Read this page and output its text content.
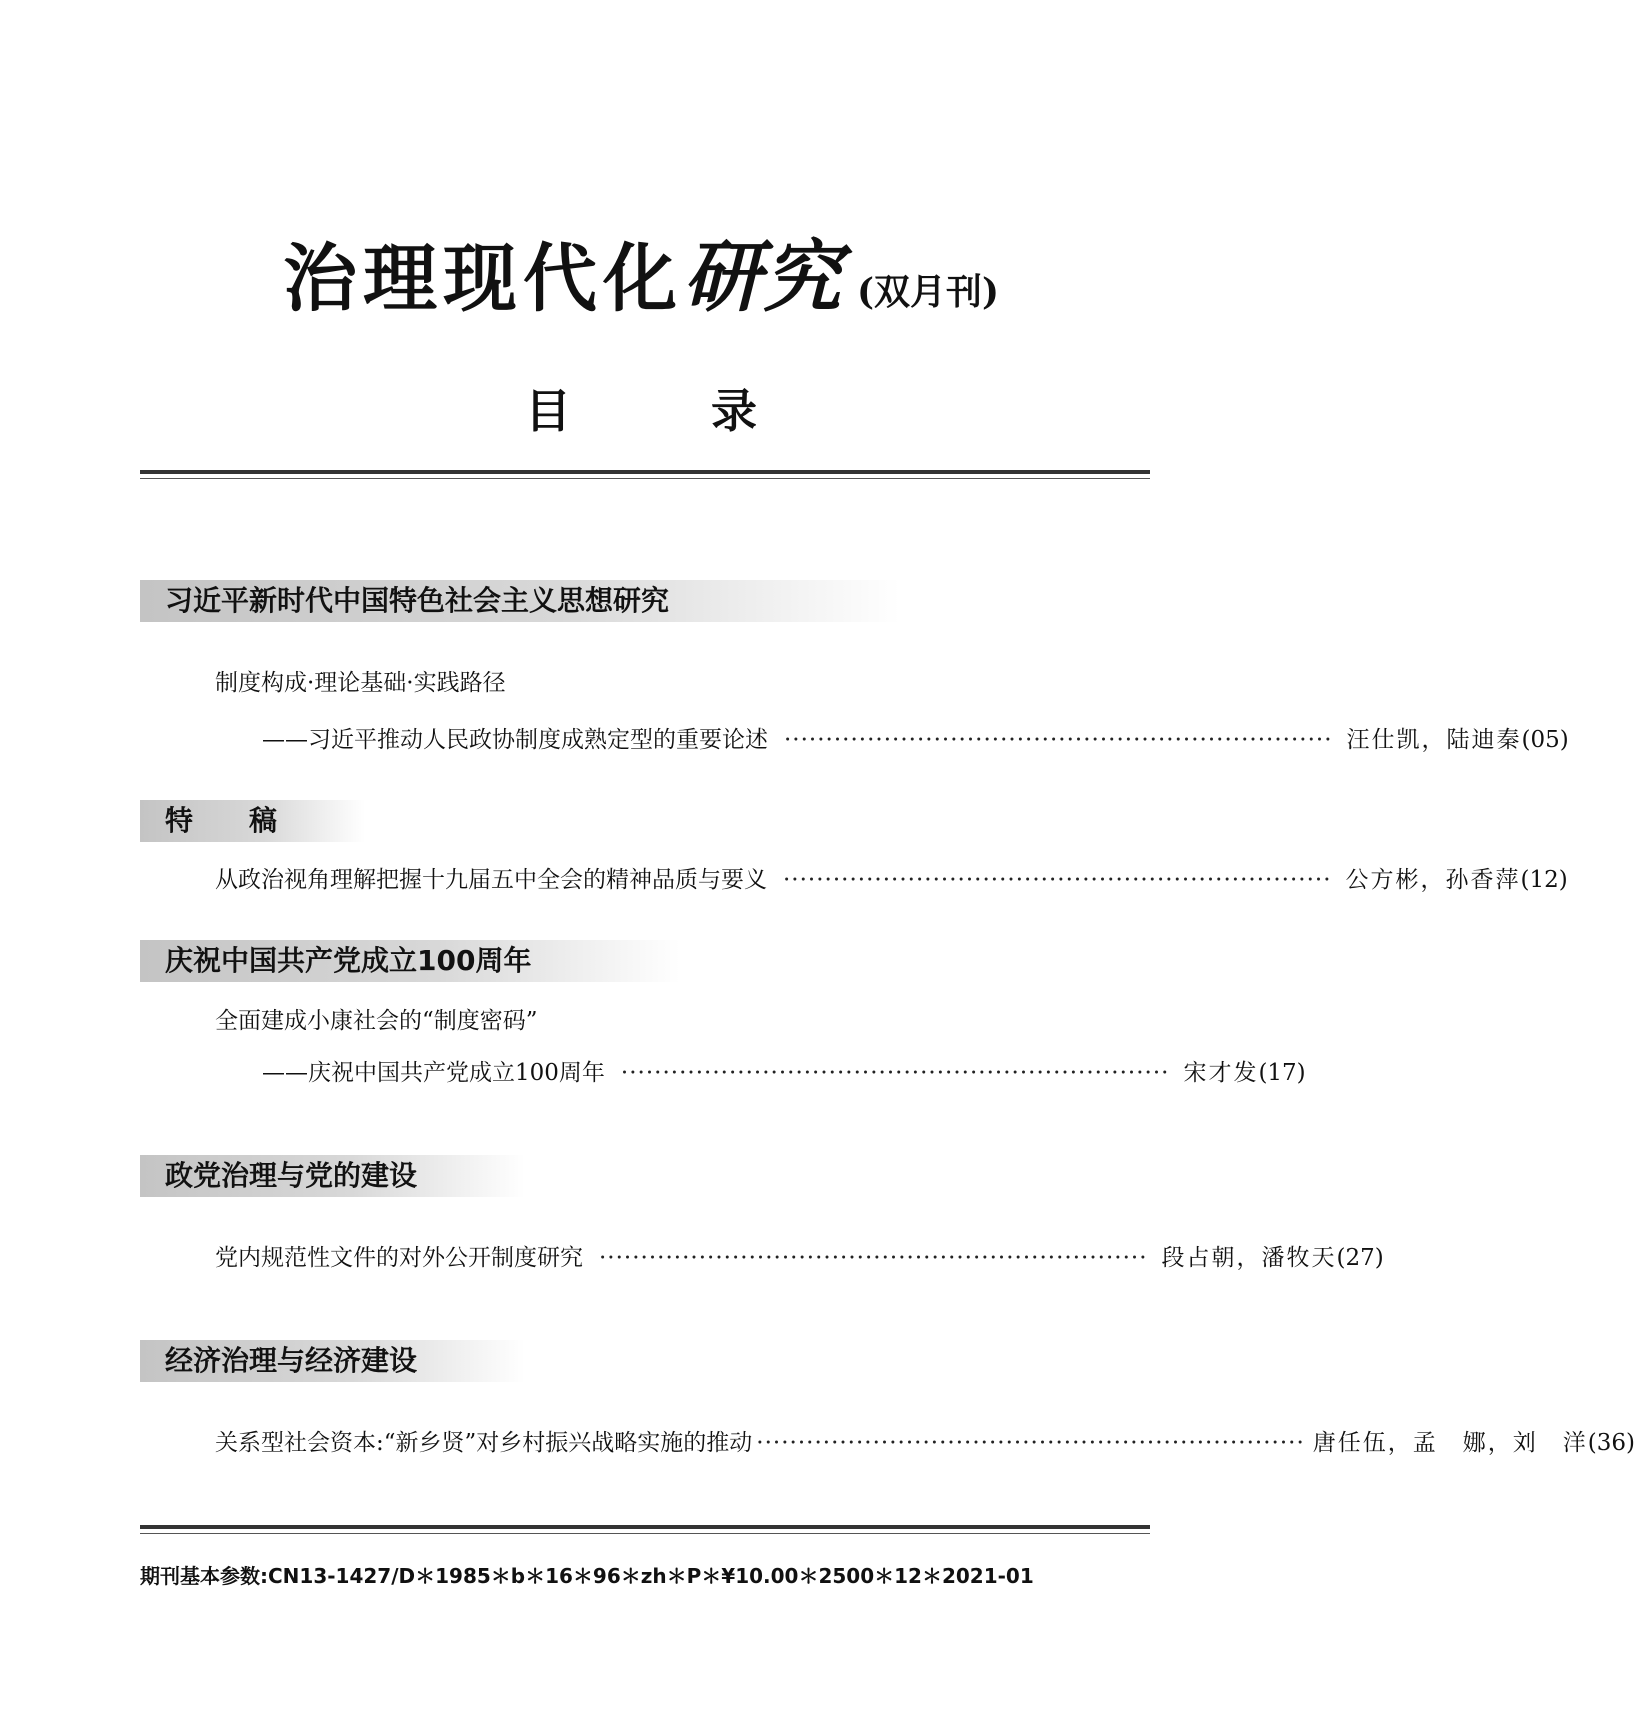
治理现代化研究 (双月刊)
目录
习近平新时代中国特色社会主义思想研究
制度构成·理论基础·实践路径
——习近平推动人民政协制度成熟定型的重要论述 ·································································· 汪仕凯，陆迪秦 (05)
特　　稿
从政治视角理解把握十九届五中全会的精神品质与要义 ·································································· 公方彬，孙香萍 (12)
庆祝中国共产党成立100周年
全面建成小康社会的“制度密码”
——庆祝中国共产党成立100周年 ·································································· 宋才发 (17)
政党治理与党的建设
党内规范性文件的对外公开制度研究 ·································································· 段占朝，潘牧天 (27)
经济治理与经济建设
关系型社会资本:“新乡贤”对乡村振兴战略实施的推动 ·································································· 唐任伍，孟　娜，刘　洋 (36)
期刊基本参数:CN13-1427/D＊1985＊b＊16＊96＊zh＊P＊¥10.00＊2500＊12＊2021-01
